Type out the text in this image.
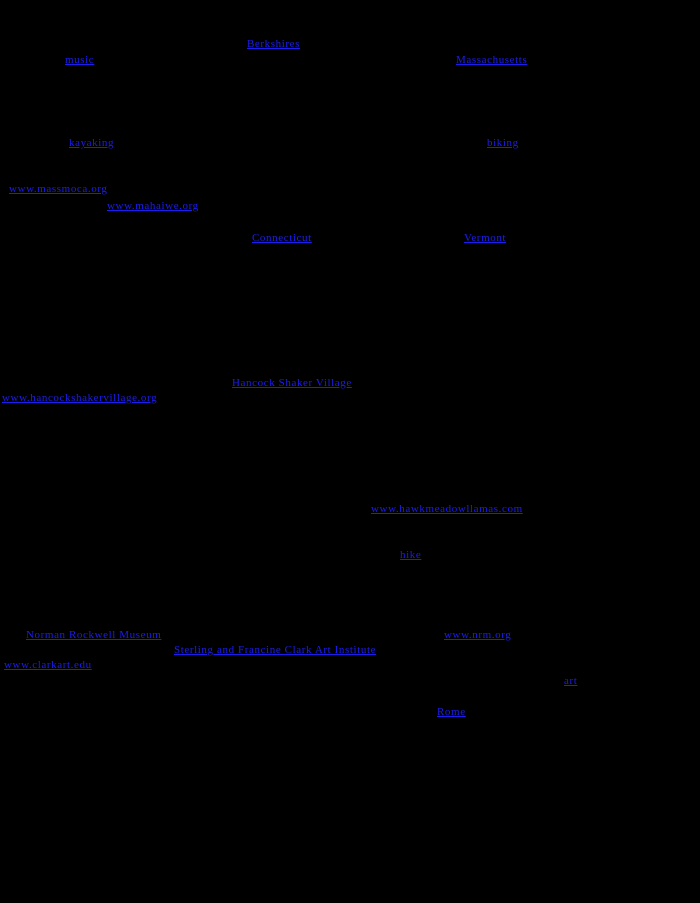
Berkshires
music	Massachusetts
kayaking	biking
www.massmoca.org
www.mahaiwe.org
Connecticut	Vermont
Hancock Shaker Village
www.hancockshakervillage.org
www.hawkmeadowllamas.com
hike
Norman Rockwell Museum	www.nrm.org
Sterling and Francine Clark Art Institute
www.clarkart.edu
art
Rome
